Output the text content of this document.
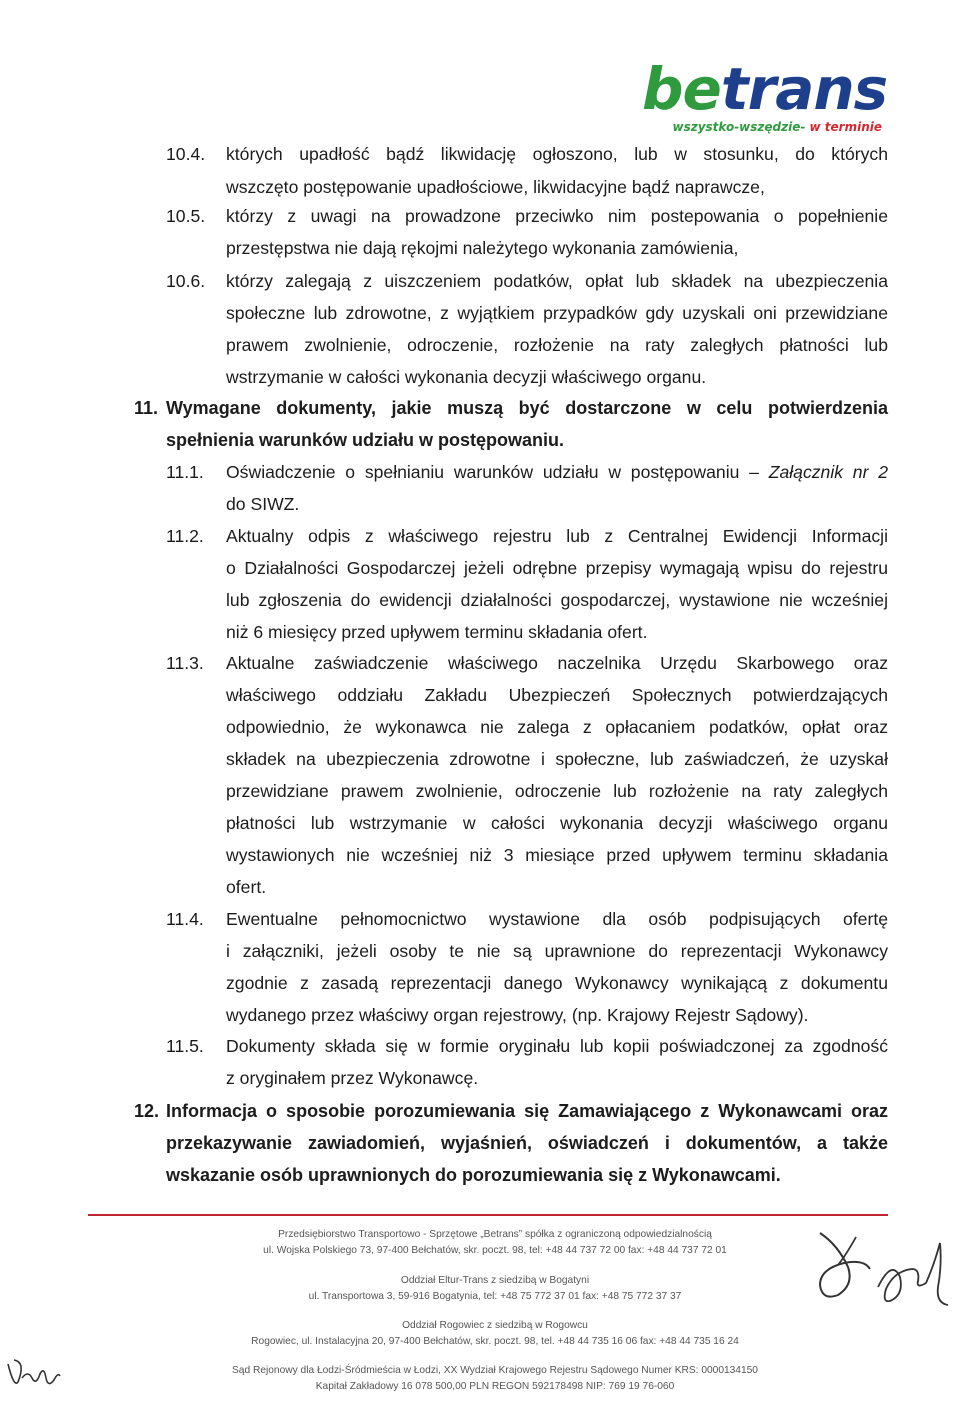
betrans
wszystko-wszędzie- w terminie
10.4. których upadłość bądź likwidację ogłoszono, lub w stosunku, do których
wszczęto postępowanie upadłościowe, likwidacyjne bądź naprawcze,
10.5. którzy z uwagi na prowadzone przeciwko nim postepowania o popełnienie
przestępstwa nie dają rękojmi należytego wykonania zamówienia,
10.6. którzy zalegają z uiszczeniem podatków, opłat lub składek na ubezpieczenia
społeczne lub zdrowotne, z wyjątkiem przypadków gdy uzyskali oni przewidziane
prawem zwolnienie, odroczenie, rozłożenie na raty zaległych płatności lub
wstrzymanie w całości wykonania decyzji właściwego organu.
11. Wymagane dokumenty, jakie muszą być dostarczone w celu potwierdzenia
spełnienia warunków udziału w postępowaniu.
11.1. Oświadczenie o spełnianiu warunków udziału w postępowaniu – Załącznik nr 2
do SIWZ.
11.2. Aktualny odpis z właściwego rejestru lub z Centralnej Ewidencji Informacji
o Działalności Gospodarczej jeżeli odrębne przepisy wymagają wpisu do rejestru
lub zgłoszenia do ewidencji działalności gospodarczej, wystawione nie wcześniej
niż 6 miesięcy przed upływem terminu składania ofert.
11.3. Aktualne zaświadczenie właściwego naczelnika Urzędu Skarbowego oraz
właściwego oddziału Zakładu Ubezpieczeń Społecznych potwierdzających
odpowiednio, że wykonawca nie zalega z opłacaniem podatków, opłat oraz
składek na ubezpieczenia zdrowotne i społeczne, lub zaświadczeń, że uzyskał
przewidziane prawem zwolnienie, odroczenie lub rozłożenie na raty zaległych
płatności lub wstrzymanie w całości wykonania decyzji właściwego organu
wystawionych nie wcześniej niż 3 miesiące przed upływem terminu składania
ofert.
11.4. Ewentualne pełnomocnictwo wystawione dla osób podpisujących ofertę
i załączniki, jeżeli osoby te nie są uprawnione do reprezentacji Wykonawcy
zgodnie z zasadą reprezentacji danego Wykonawcy wynikającą z dokumentu
wydanego przez właściwy organ rejestrowy, (np. Krajowy Rejestr Sądowy).
11.5. Dokumenty składa się w formie oryginału lub kopii poświadczonej za zgodność
z oryginałem przez Wykonawcę.
12. Informacja o sposobie porozumiewania się Zamawiającego z Wykonawcami oraz
przekazywanie zawiadomień, wyjaśnień, oświadczeń i dokumentów, a także
wskazanie osób uprawnionych do porozumiewania się z Wykonawcami.
Przedsiębiorstwo Transportowo - Sprzętowe „Betrans” spółka z ograniczoną odpowiedzialnością
ul. Wojska Polskiego 73, 97-400 Bełchatów, skr. poczt. 98, tel: +48 44 737 72 00 fax: +48 44 737 72 01
Oddział Eltur-Trans z siedzibą w Bogatyni
ul. Transportowa 3, 59-916 Bogatynia, tel: +48 75 772 37 01 fax: +48 75 772 37 37
Oddział Rogowiec z siedzibą w Rogowcu
Rogowiec, ul. Instalacyjna 20, 97-400 Bełchatów, skr. poczt. 98, tel. +48 44 735 16 06 fax: +48 44 735 16 24
Sąd Rejonowy dla Łodzi-Śródmieścia w Łodzi, XX Wydział Krajowego Rejestru Sądowego Numer KRS: 0000134150
Kapitał Zakładowy 16 078 500,00 PLN REGON 592178498 NIP: 769 19 76-060
